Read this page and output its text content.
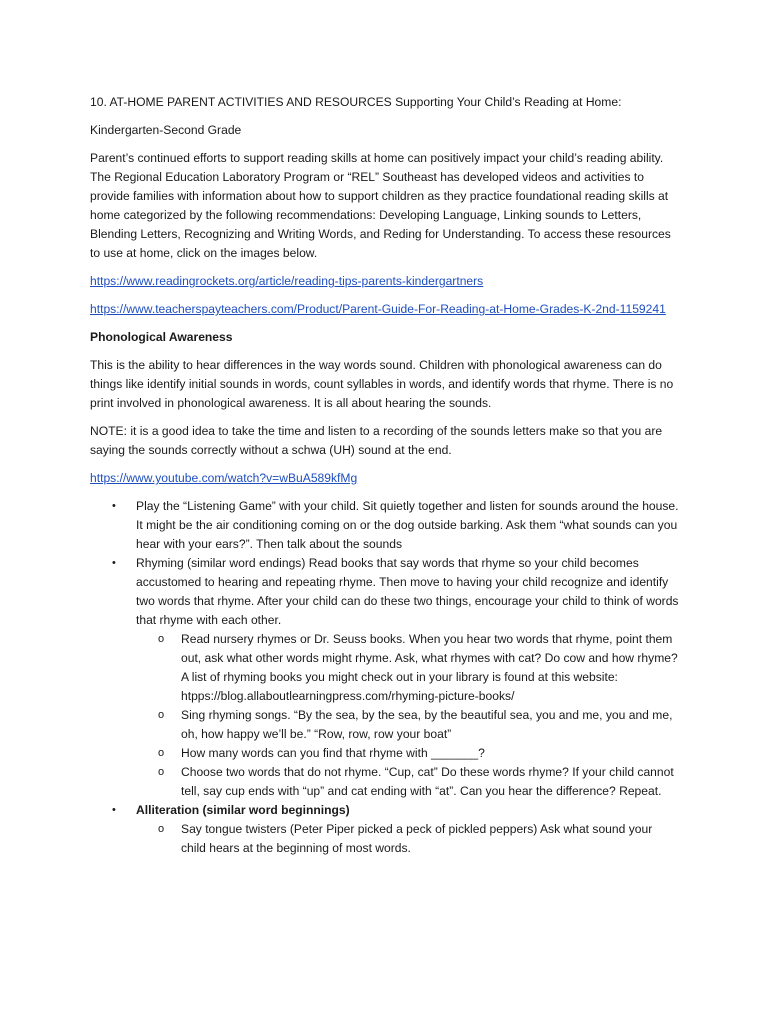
10. AT-HOME PARENT ACTIVITIES AND RESOURCES Supporting Your Child’s Reading at Home:

Kindergarten-Second Grade

Parent’s continued efforts to support reading skills at home can positively impact your child’s reading ability. The Regional Education Laboratory Program or “REL” Southeast has developed videos and activities to provide families with information about how to support children as they practice foundational reading skills at home categorized by the following recommendations: Developing Language, Linking sounds to Letters, Blending Letters, Recognizing and Writing Words, and Reding for Understanding. To access these resources to use at home, click on the images below.

https://www.readingrockets.org/article/reading-tips-parents-kindergartners

https://www.teacherspayteachers.com/Product/Parent-Guide-For-Reading-at-Home-Grades-K-2nd-1159241

Phonological Awareness

This is the ability to hear differences in the way words sound. Children with phonological awareness can do things like identify initial sounds in words, count syllables in words, and identify words that rhyme. There is no print involved in phonological awareness. It is all about hearing the sounds.

NOTE: it is a good idea to take the time and listen to a recording of the sounds letters make so that you are saying the sounds correctly without a schwa (UH) sound at the end.

https://www.youtube.com/watch?v=wBuA589kfMg

•	Play the “Listening Game” with your child. Sit quietly together and listen for sounds around the house. It might be the air conditioning coming on or the dog outside barking. Ask them “what sounds can you hear with your ears?”. Then talk about the sounds
•	Rhyming (similar word endings) Read books that say words that rhyme so your child becomes accustomed to hearing and repeating rhyme. Then move to having your child recognize and identify two words that rhyme. After your child can do these two things, encourage your child to think of words that rhyme with each other.
o Read nursery rhymes or Dr. Seuss books. When you hear two words that rhyme, point them out, ask what other words might rhyme. Ask, what rhymes with cat? Do cow and how rhyme? A list of rhyming books you might check out in your library is found at this website: htpps://blog.allaboutlearningpress.com/rhyming-picture-books/
o Sing rhyming songs. “By the sea, by the sea, by the beautiful sea, you and me, you and me, oh, how happy we’ll be.” “Row, row, row your boat”
o How many words can you find that rhyme with _______?
o Choose two words that do not rhyme. “Cup, cat” Do these words rhyme? If your child cannot tell, say cup ends with “up” and cat ending with “at”. Can you hear the difference? Repeat.
•	Alliteration (similar word beginnings)
o Say tongue twisters (Peter Piper picked a peck of pickled peppers) Ask what sound your child hears at the beginning of most words.
